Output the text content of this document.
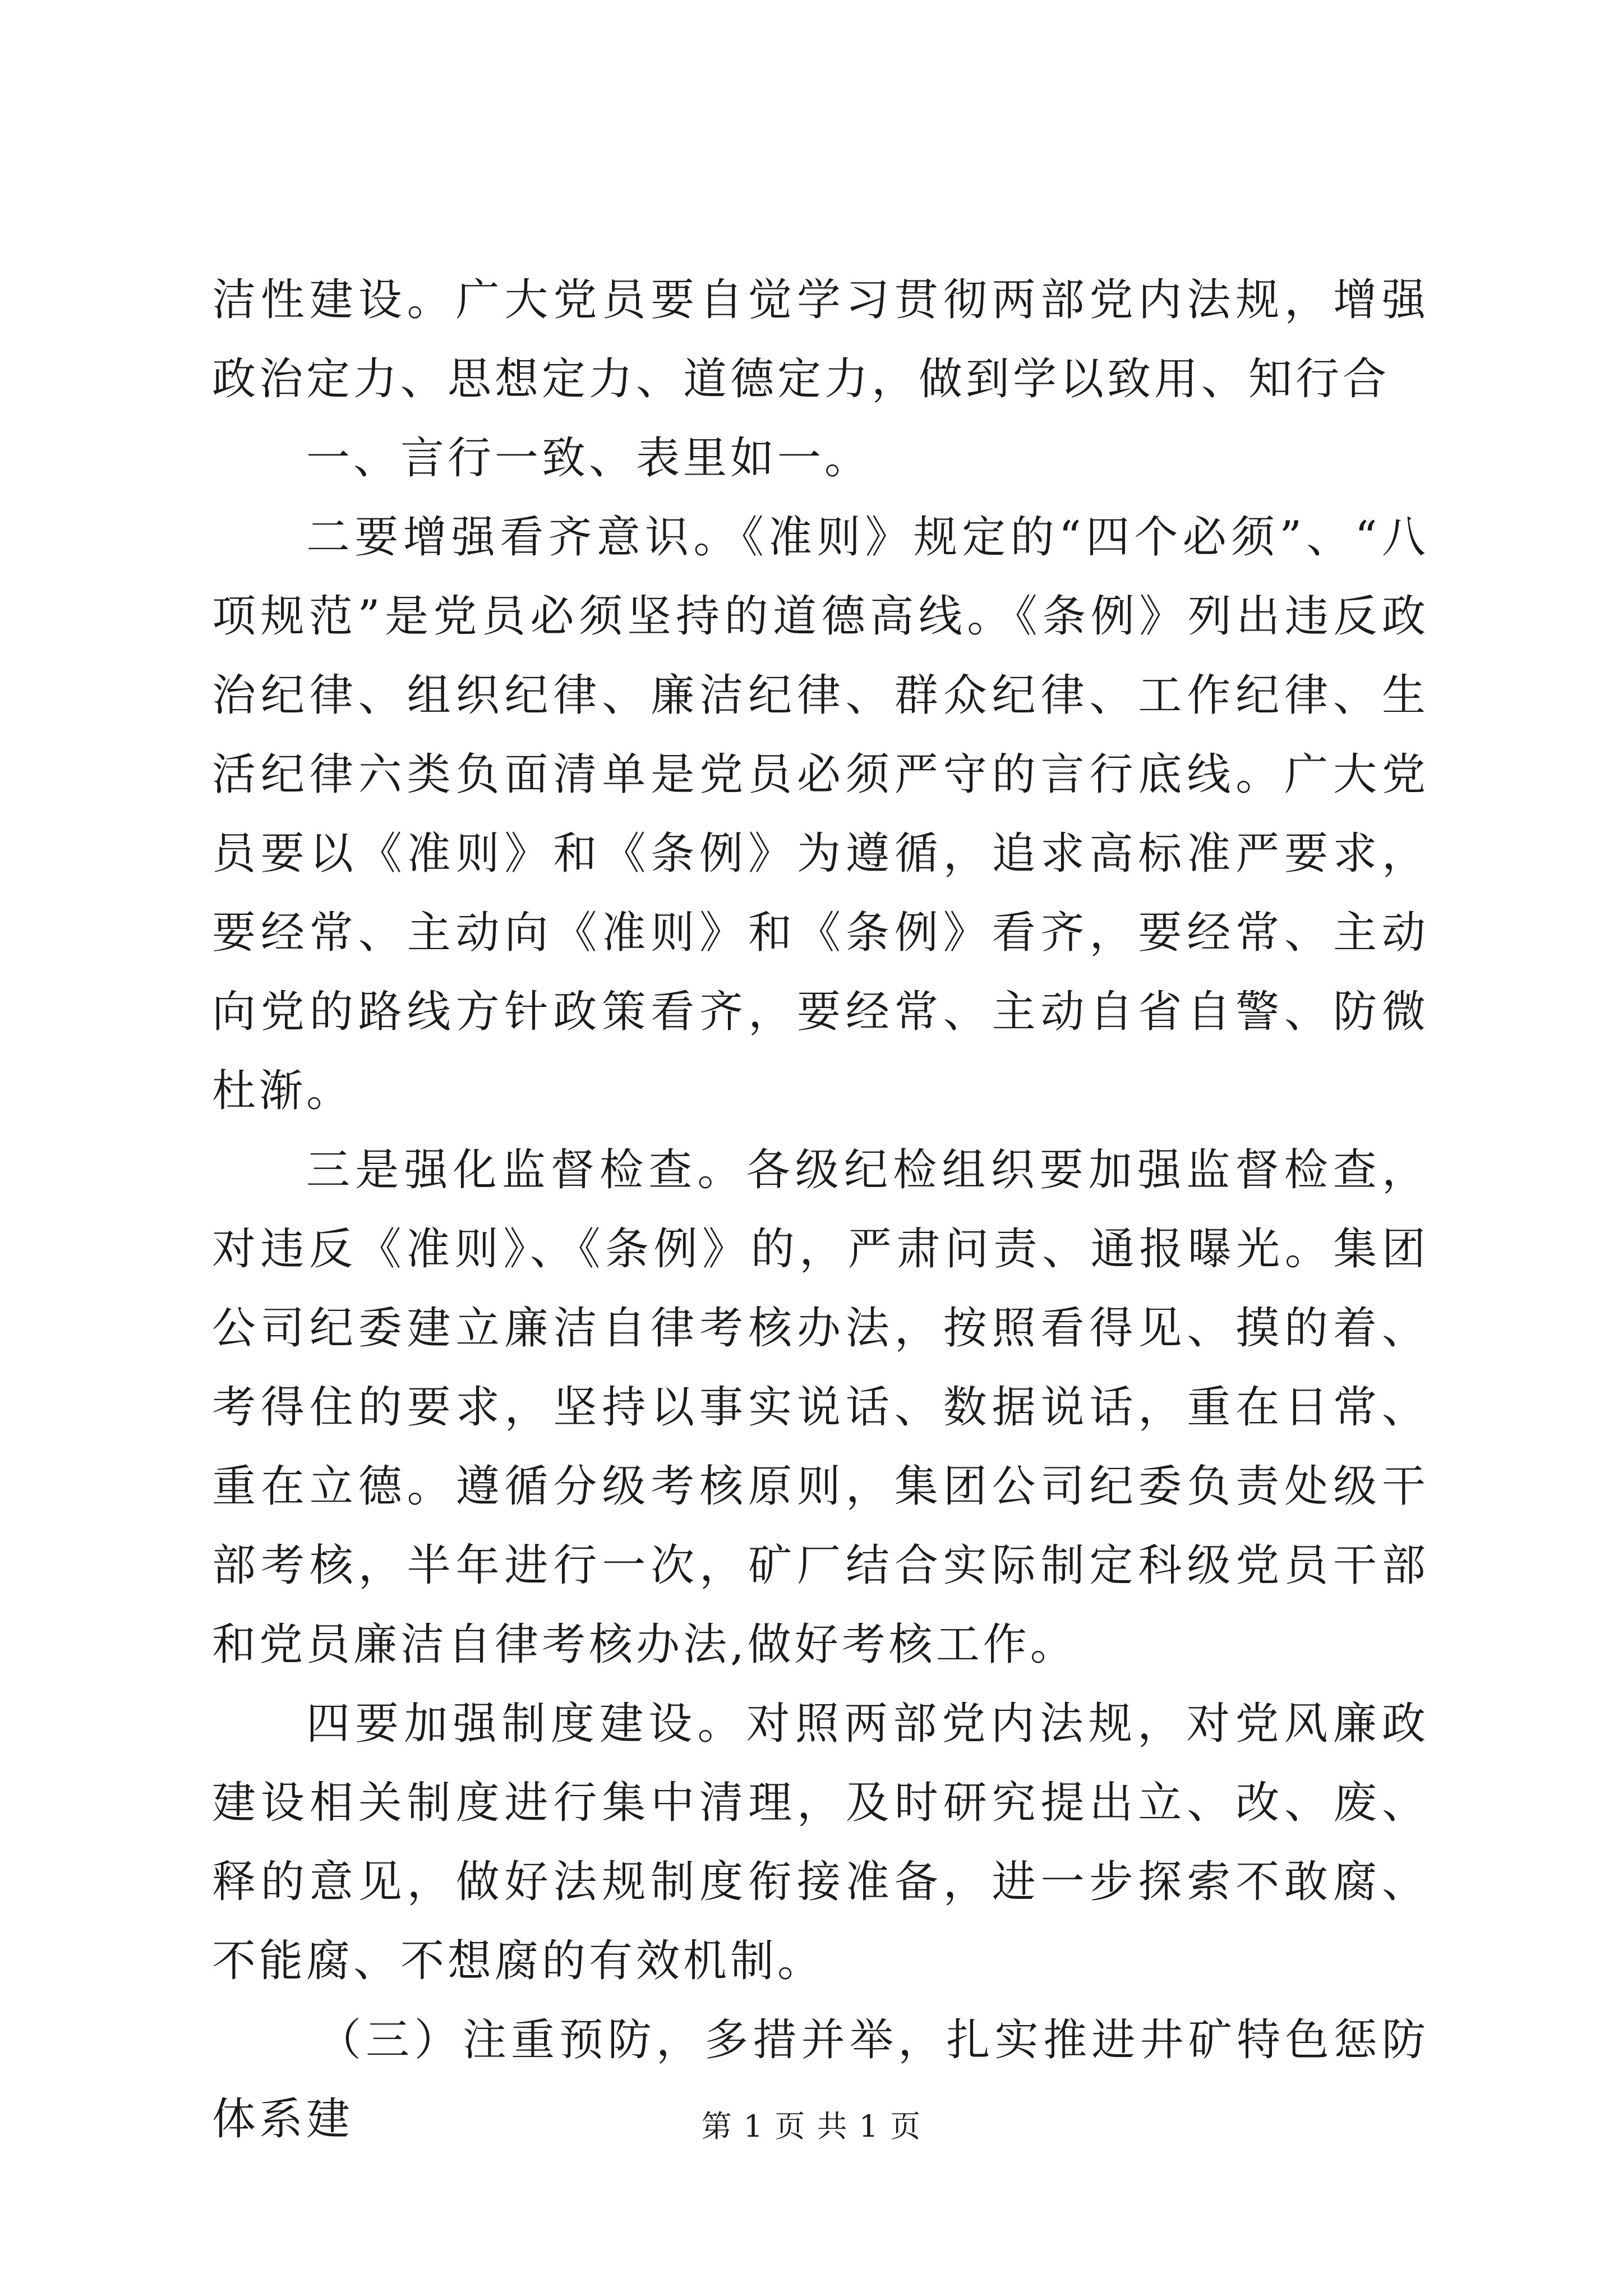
洁性建设。广大党员要自觉学习贯彻两部党内法规，增强政治定力、思想定力、道德定力，做到学以致用、知行合

一、言行一致、表里如一。

二要增强看齐意识。《准则》规定的“四个必须”、“八项规范”是党员必须坚持的道德高线。《条例》列出违反政治纪律、组织纪律、廉洁纪律、群众纪律、工作纪律、生活纪律六类负面清单是党员必须严守的言行底线。广大党员要以《准则》和《条例》为遵循，追求高标准严要求，要经常、主动向《准则》和《条例》看齐，要经常、主动向党的路线方针政策看齐，要经常、主动自省自警、防微杜渐。

三是强化监督检查。各级纪检组织要加强监督检查，对违反《准则》、《条例》的，严肃问责、通报曝光。集团公司纪委建立廉洁自律考核办法，按照看得见、摸的着、考得住的要求，坚持以事实说话、数据说话，重在日常、重在立德。遵循分级考核原则，集团公司纪委负责处级干部考核，半年进行一次，矿厂结合实际制定科级党员干部和党员廉洁自律考核办法,做好考核工作。

四要加强制度建设。对照两部党内法规，对党风廉政建设相关制度进行集中清理，及时研究提出立、改、废、释的意见，做好法规制度衔接准备，进一步探索不敢腐、不能腐、不想腐的有效机制。

（三）注重预防，多措并举，扎实推进井矿特色惩防体系建	第 1 页 共 1 页
